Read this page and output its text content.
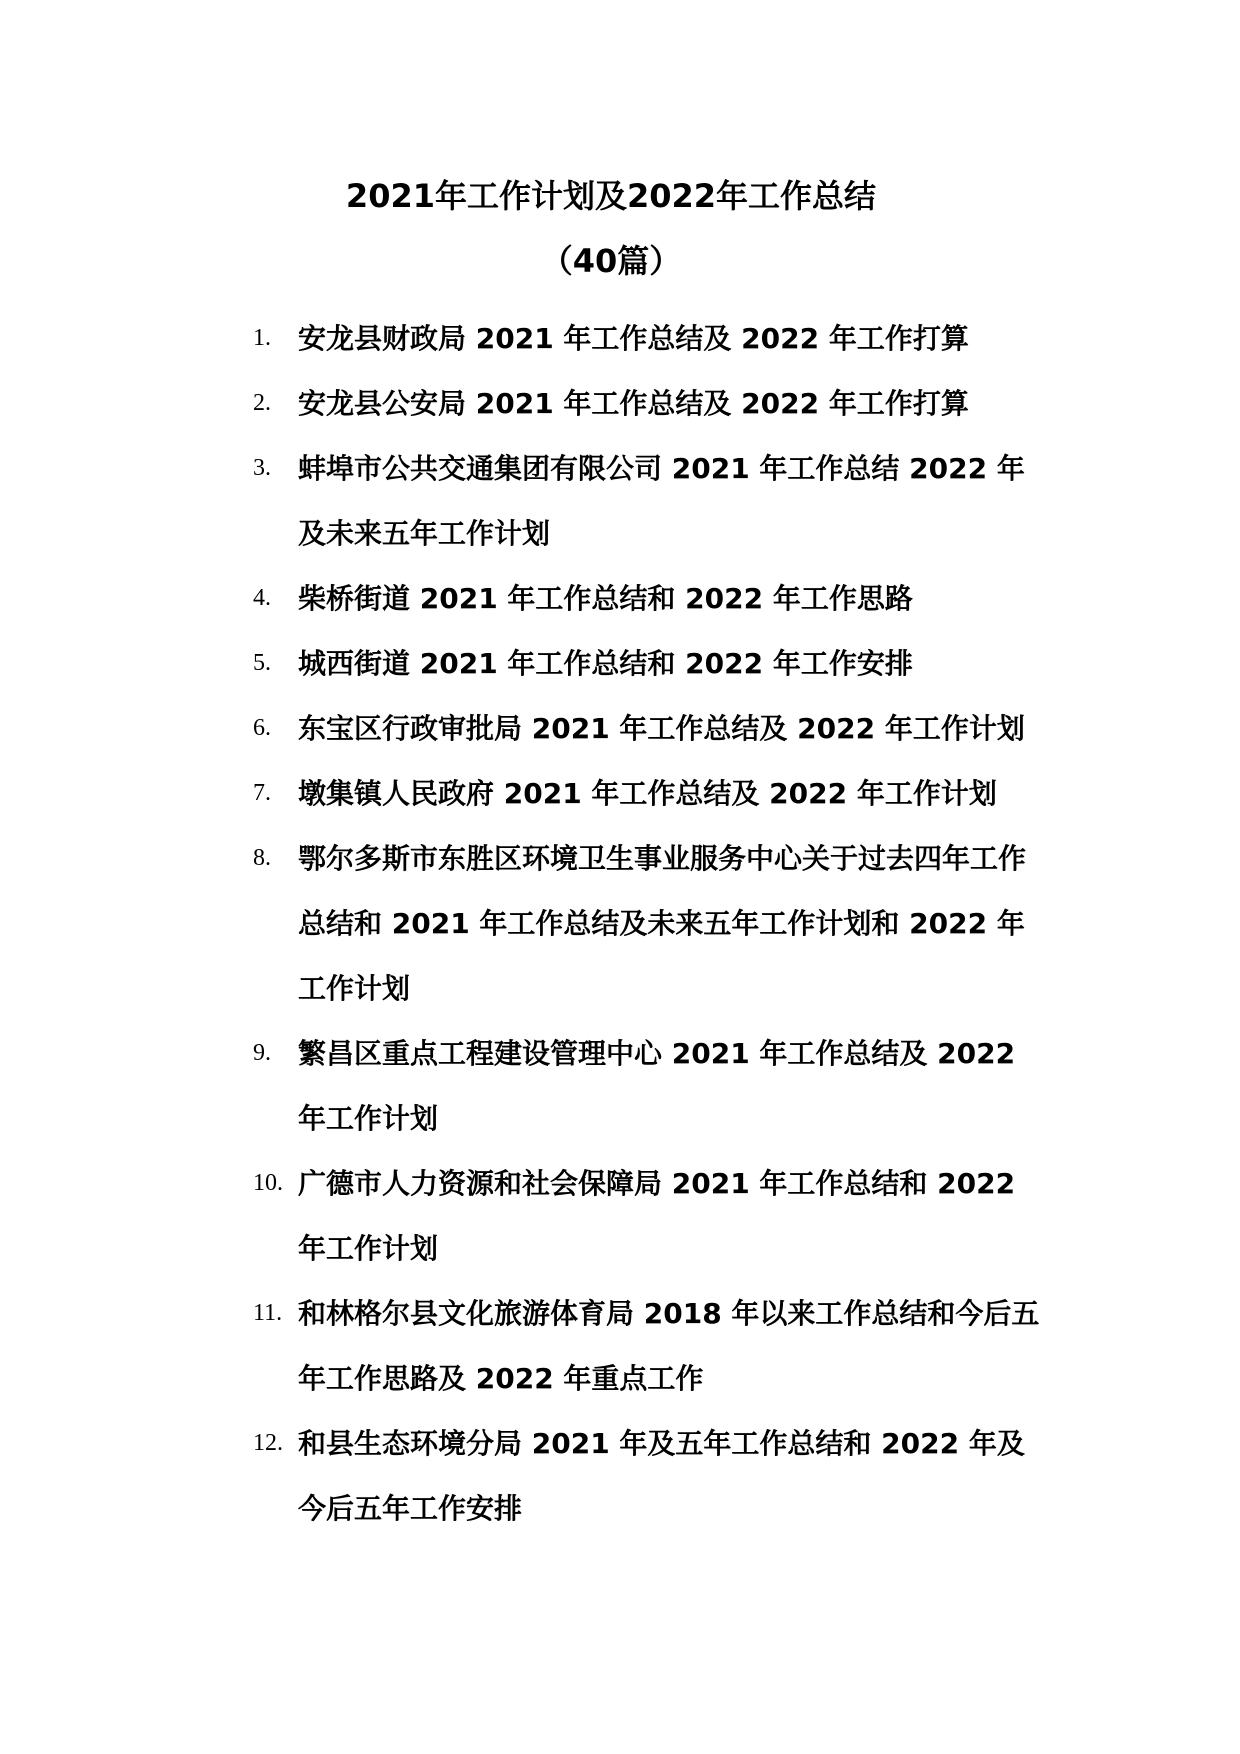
2021年工作计划及2022年工作总结
（40篇）
1. 安龙县财政局 2021 年工作总结及 2022 年工作打算
2. 安龙县公安局 2021 年工作总结及 2022 年工作打算
3. 蚌埠市公共交通集团有限公司 2021 年工作总结 2022 年及未来五年工作计划
4. 柴桥街道 2021 年工作总结和 2022 年工作思路
5. 城西街道 2021 年工作总结和 2022 年工作安排
6. 东宝区行政审批局 2021 年工作总结及 2022 年工作计划
7. 墩集镇人民政府 2021 年工作总结及 2022 年工作计划
8. 鄂尔多斯市东胜区环境卫生事业服务中心关于过去四年工作总结和 2021 年工作总结及未来五年工作计划和 2022 年工作计划
9. 繁昌区重点工程建设管理中心 2021 年工作总结及 2022 年工作计划
10. 广德市人力资源和社会保障局 2021 年工作总结和 2022 年工作计划
11. 和林格尔县文化旅游体育局 2018 年以来工作总结和今后五年工作思路及 2022 年重点工作
12. 和县生态环境分局 2021 年及五年工作总结和 2022 年及今后五年工作安排
